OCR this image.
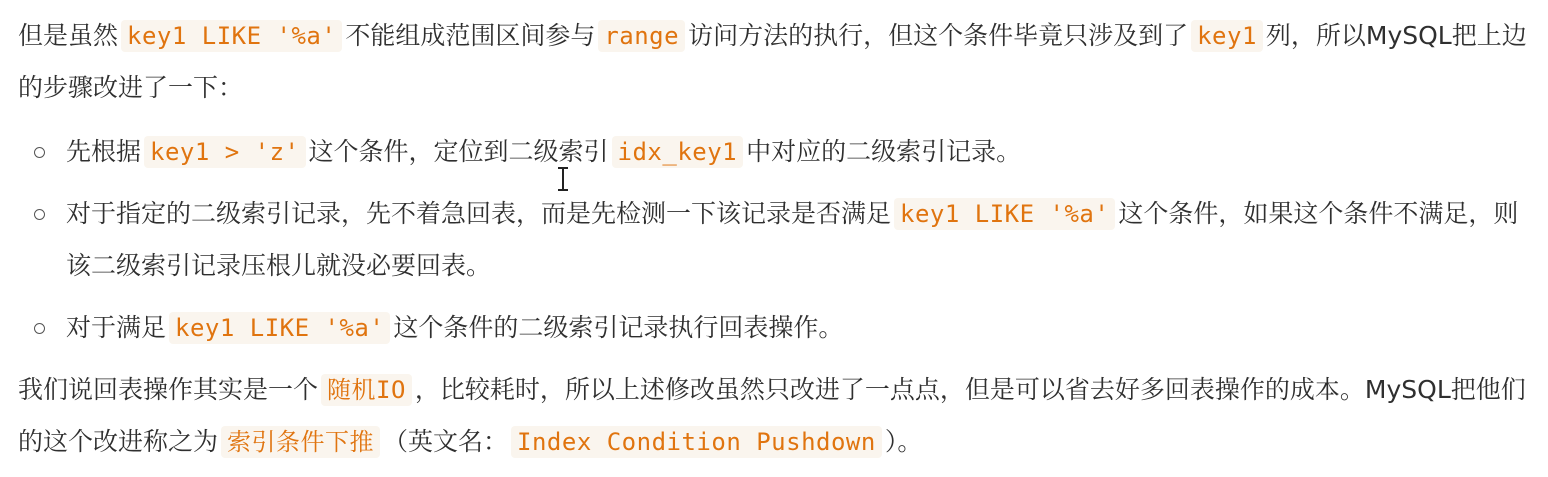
但是虽然 key1 LIKE '%a' 不能组成范围区间参与 range 访问方法的执行，但这个条件毕竟只涉及到了 key1 列，所以MySQL把上边的步骤改进了一下：

先根据 key1 > 'z' 这个条件，定位到二级索引 idx_key1 中对应的二级索引记录。
对于指定的二级索引记录，先不着急回表，而是先检测一下该记录是否满足 key1 LIKE '%a' 这个条件，如果这个条件不满足，则该二级索引记录压根儿就没必要回表。
对于满足 key1 LIKE '%a' 这个条件的二级索引记录执行回表操作。

我们说回表操作其实是一个 随机IO ，比较耗时，所以上述修改虽然只改进了一点点，但是可以省去好多回表操作的成本。MySQL把他们的这个改进称之为 索引条件下推 （英文名： Index Condition Pushdown ）。
